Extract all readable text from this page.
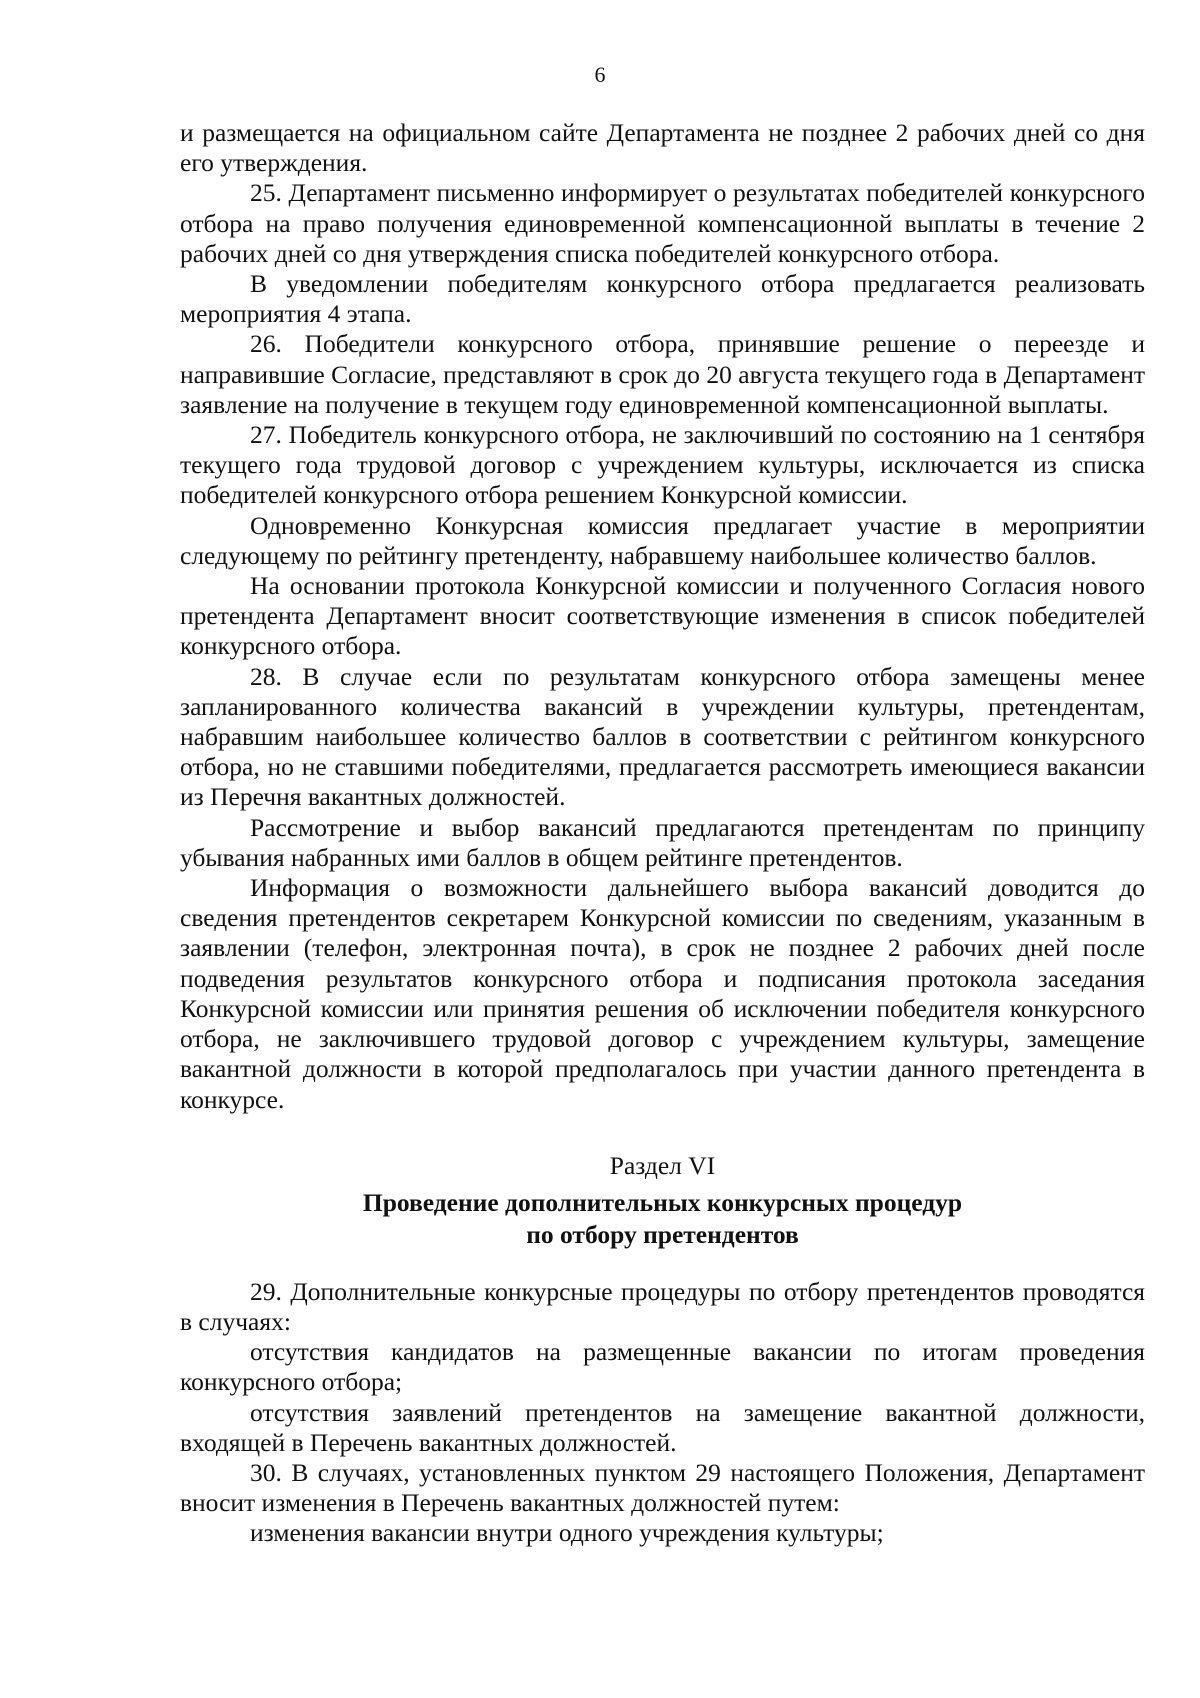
6

и размещается на официальном сайте Департамента не позднее 2 рабочих дней со дня его утверждения.

25. Департамент письменно информирует о результатах победителей конкурсного отбора на право получения единовременной компенсационной выплаты в течение 2 рабочих дней со дня утверждения списка победителей конкурсного отбора.

В уведомлении победителям конкурсного отбора предлагается реализовать мероприятия 4 этапа.

26. Победители конкурсного отбора, принявшие решение о переезде и направившие Согласие, представляют в срок до 20 августа текущего года в Департамент заявление на получение в текущем году единовременной компенсационной выплаты.

27. Победитель конкурсного отбора, не заключивший по состоянию на 1 сентября текущего года трудовой договор с учреждением культуры, исключается из списка победителей конкурсного отбора решением Конкурсной комиссии.

Одновременно Конкурсная комиссия предлагает участие в мероприятии следующему по рейтингу претенденту, набравшему наибольшее количество баллов.

На основании протокола Конкурсной комиссии и полученного Согласия нового претендента Департамент вносит соответствующие изменения в список победителей конкурсного отбора.

28. В случае если по результатам конкурсного отбора замещены менее запланированного количества вакансий в учреждении культуры, претендентам, набравшим наибольшее количество баллов в соответствии с рейтингом конкурсного отбора, но не ставшими победителями, предлагается рассмотреть имеющиеся вакансии из Перечня вакантных должностей.

Рассмотрение и выбор вакансий предлагаются претендентам по принципу убывания набранных ими баллов в общем рейтинге претендентов.

Информация о возможности дальнейшего выбора вакансий доводится до сведения претендентов секретарем Конкурсной комиссии по сведениям, указанным в заявлении (телефон, электронная почта), в срок не позднее 2 рабочих дней после подведения результатов конкурсного отбора и подписания протокола заседания Конкурсной комиссии или принятия решения об исключении победителя конкурсного отбора, не заключившего трудовой договор с учреждением культуры, замещение вакантной должности в которой предполагалось при участии данного претендента в конкурсе.

Раздел VI

Проведение дополнительных конкурсных процедур
по отбору претендентов

29. Дополнительные конкурсные процедуры по отбору претендентов проводятся в случаях:

отсутствия кандидатов на размещенные вакансии по итогам проведения конкурсного отбора;

отсутствия заявлений претендентов на замещение вакантной должности, входящей в Перечень вакантных должностей.

30. В случаях, установленных пунктом 29 настоящего Положения, Департамент вносит изменения в Перечень вакантных должностей путем:

изменения вакансии внутри одного учреждения культуры;
